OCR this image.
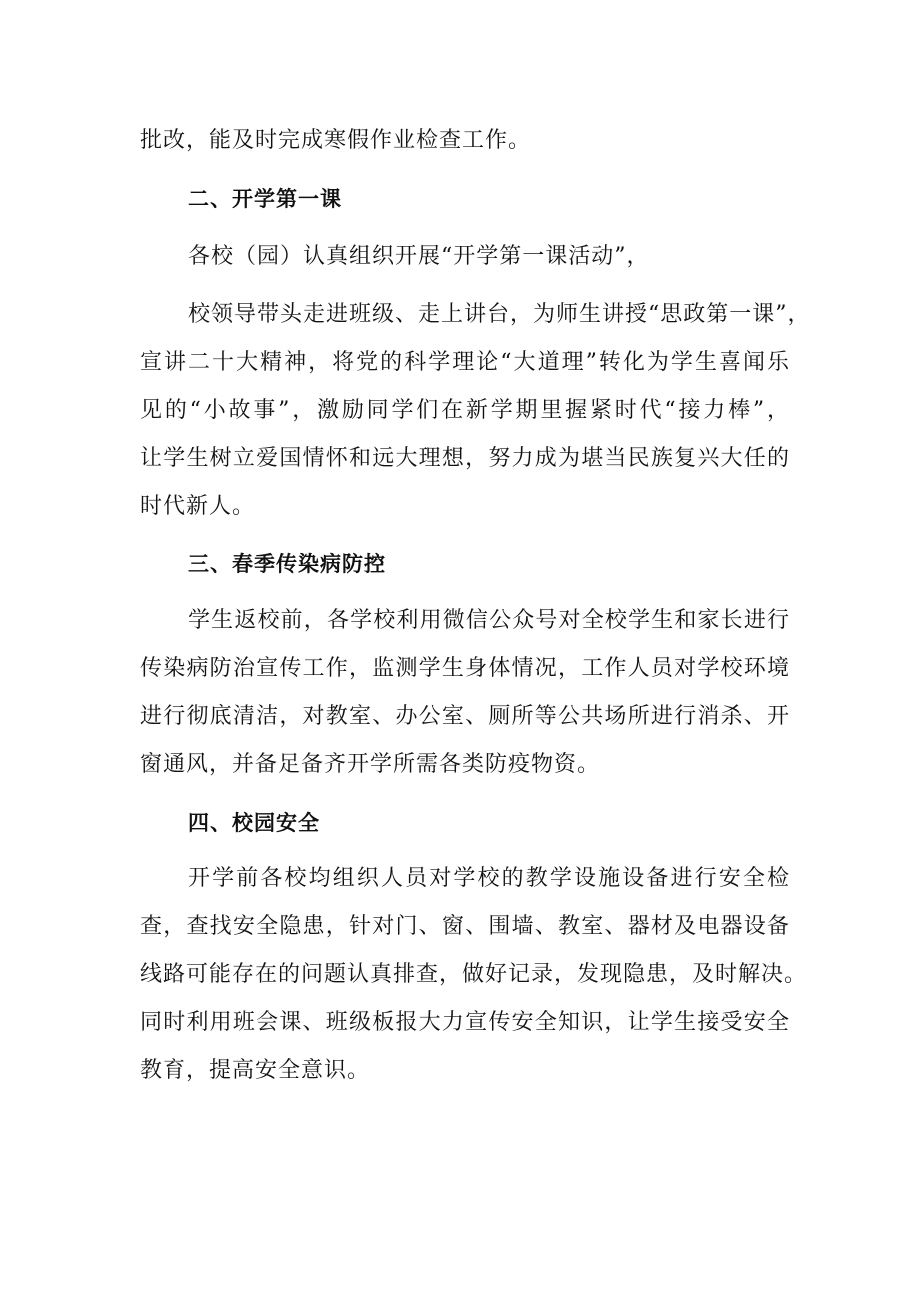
批改，能及时完成寒假作业检查工作。
二、开学第一课
各校（园）认真组织开展“开学第一课活动”，
校领导带头走进班级、走上讲台，为师生讲授“思政第一课”，
宣讲二十大精神，将党的科学理论“大道理”转化为学生喜闻乐
见的“小故事”，激励同学们在新学期里握紧时代“接力棒”，
让学生树立爱国情怀和远大理想，努力成为堪当民族复兴大任的
时代新人。
三、春季传染病防控
学生返校前，各学校利用微信公众号对全校学生和家长进行
传染病防治宣传工作，监测学生身体情况，工作人员对学校环境
进行彻底清洁，对教室、办公室、厕所等公共场所进行消杀、开
窗通风，并备足备齐开学所需各类防疫物资。
四、校园安全
开学前各校均组织人员对学校的教学设施设备进行安全检
查，查找安全隐患，针对门、窗、围墙、教室、器材及电器设备
线路可能存在的问题认真排查，做好记录，发现隐患，及时解决。
同时利用班会课、班级板报大力宣传安全知识，让学生接受安全
教育，提高安全意识。
